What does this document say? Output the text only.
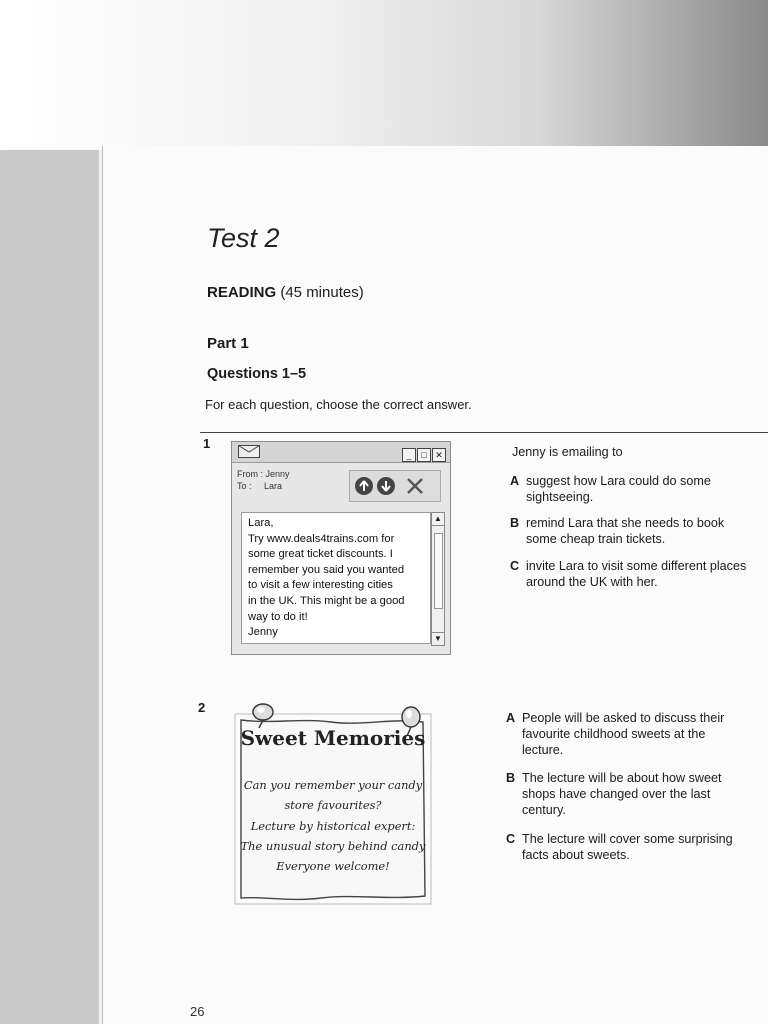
Test 2
READING (45 minutes)
Part 1
Questions 1–5
For each question, choose the correct answer.
1
_ □ ✕
From : Jenny
To : Lara
Lara,
Try www.deals4trains.com for
some great ticket discounts. I
remember you said you wanted
to visit a few interesting cities
in the UK. This might be a good
way to do it!
Jenny
▲
▼
Jenny is emailing to
A suggest how Lara could do some
sightseeing.
B remind Lara that she needs to book
some cheap train tickets.
C invite Lara to visit some different places
around the UK with her.
2
Sweet Memories
Can you remember your candy
store favourites?
Lecture by historical expert:
The unusual story behind candy
Everyone welcome!
A People will be asked to discuss their
favourite childhood sweets at the
lecture.
B The lecture will be about how sweet
shops have changed over the last
century.
C The lecture will cover some surprising
facts about sweets.
26
